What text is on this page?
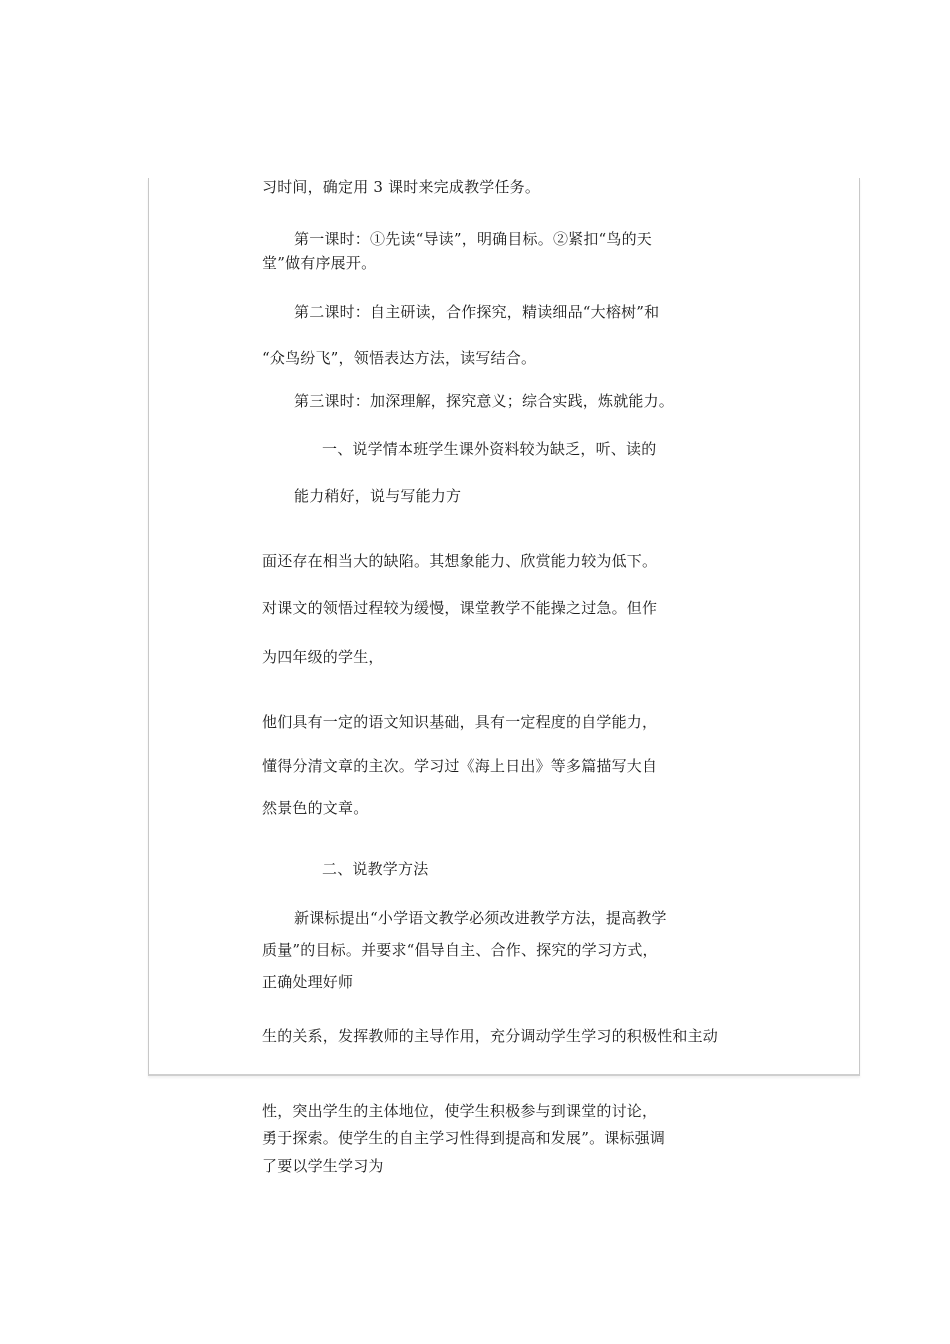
习时间，确定用 3 课时来完成教学任务。
第一课时：①先读“导读”，明确目标。②紧扣“鸟的天
堂”做有序展开。
第二课时：自主研读，合作探究，精读细品“大榕树”和
“众鸟纷飞”，领悟表达方法，读写结合。
第三课时：加深理解，探究意义；综合实践，炼就能力。
一、说学情本班学生课外资料较为缺乏，听、读的
能力稍好，说与写能力方
面还存在相当大的缺陷。其想象能力、欣赏能力较为低下。
对课文的领悟过程较为缓慢，课堂教学不能操之过急。但作
为四年级的学生，
他们具有一定的语文知识基础，具有一定程度的自学能力，
懂得分清文章的主次。学习过《海上日出》等多篇描写大自
然景色的文章。
二、说教学方法
新课标提出“小学语文教学必须改进教学方法，提高教学
质量”的目标。并要求“倡导自主、合作、探究的学习方式，
正确处理好师
生的关系，发挥教师的主导作用，充分调动学生学习的积极性和主动
性，突出学生的主体地位，使学生积极参与到课堂的讨论，
勇于探索。使学生的自主学习性得到提高和发展”。课标强调
了要以学生学习为
